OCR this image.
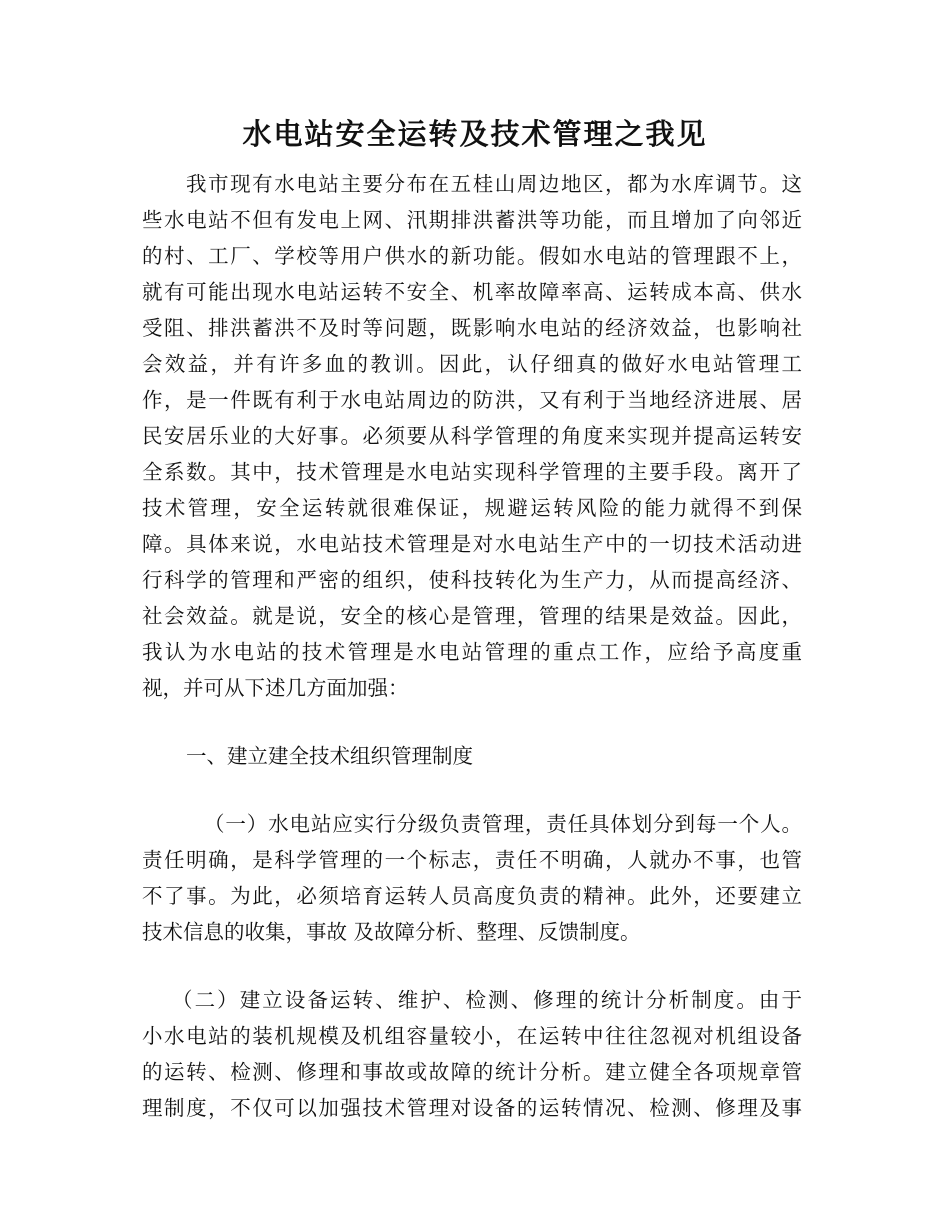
水电站安全运转及技术管理之我见

我市现有水电站主要分布在五桂山周边地区，都为水库调节。这

些水电站不但有发电上网、汛期排洪蓄洪等功能，而且增加了向邻近

的村、工厂、学校等用户供水的新功能。假如水电站的管理跟不上，

就有可能出现水电站运转不安全、机率故障率高、运转成本高、供水

受阻、排洪蓄洪不及时等问题，既影响水电站的经济效益，也影响社

会效益，并有许多血的教训。因此，认仔细真的做好水电站管理工

作，是一件既有利于水电站周边的防洪，又有利于当地经济进展、居

民安居乐业的大好事。必须要从科学管理的角度来实现并提高运转安

全系数。其中，技术管理是水电站实现科学管理的主要手段。离开了

技术管理，安全运转就很难保证，规避运转风险的能力就得不到保

障。具体来说，水电站技术管理是对水电站生产中的一切技术活动进

行科学的管理和严密的组织，使科技转化为生产力，从而提高经济、

社会效益。就是说，安全的核心是管理，管理的结果是效益。因此，

我认为水电站的技术管理是水电站管理的重点工作，应给予高度重

视，并可从下述几方面加强：

一、建立建全技术组织管理制度

（一）水电站应实行分级负责管理，责任具体划分到每一个人。

责任明确，是科学管理的一个标志，责任不明确，人就办不事，也管

不了事。为此，必须培育运转人员高度负责的精神。此外，还要建立

技术信息的收集，事故 及故障分析、整理、反馈制度。

（二）建立设备运转、维护、检测、修理的统计分析制度。由于

小水电站的装机规模及机组容量较小，在运转中往往忽视对机组设备

的运转、检测、修理和事故或故障的统计分析。建立健全各项规章管

理制度，不仅可以加强技术管理对设备的运转情况、检测、修理及事
